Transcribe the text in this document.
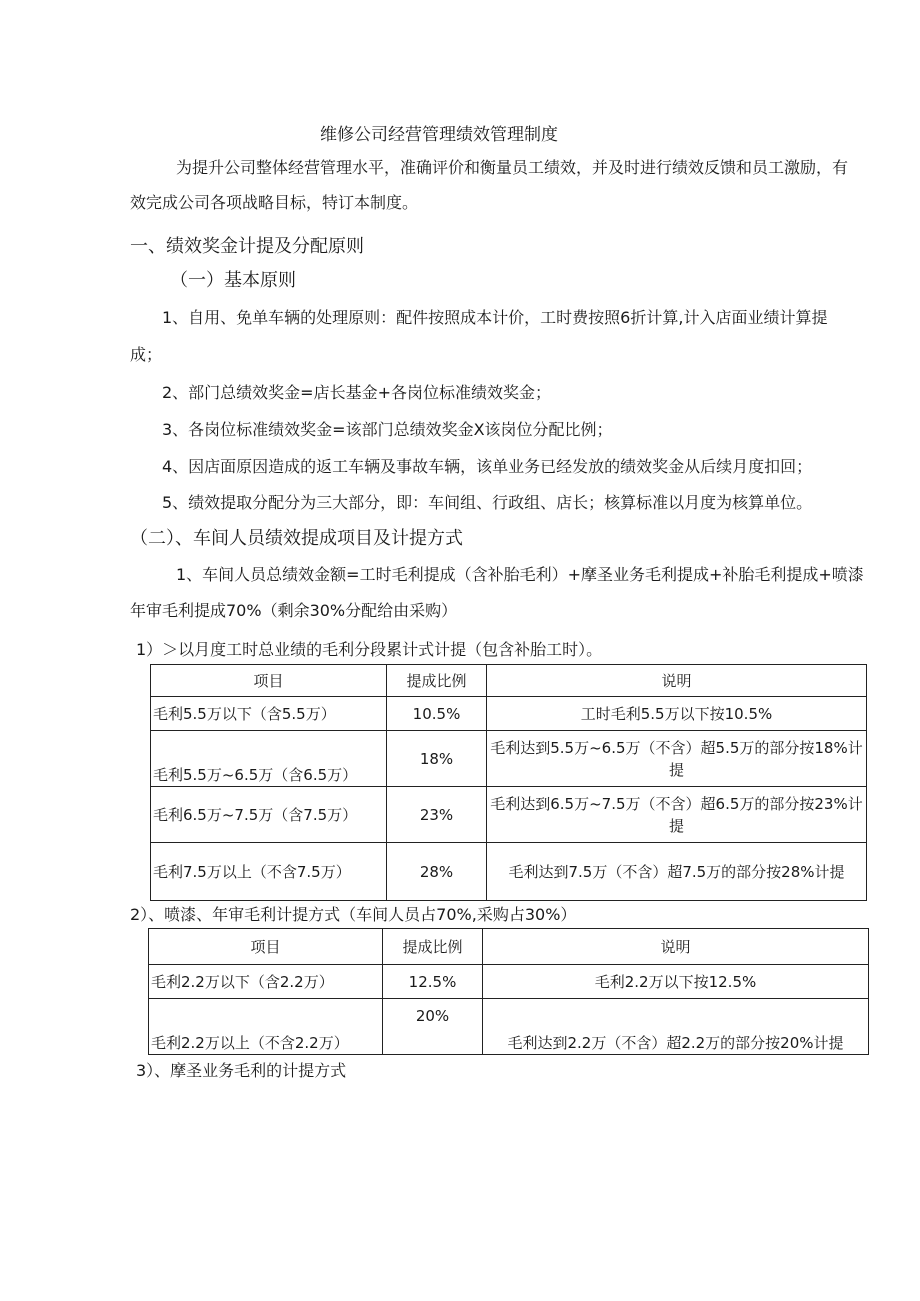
维修公司经营管理绩效管理制度
为提升公司整体经营管理水平，准确评价和衡量员工绩效，并及时进行绩效反馈和员工激励，有
效完成公司各项战略目标，特订本制度。
一、绩效奖金计提及分配原则
（一）基本原则
1、自用、免单车辆的处理原则：配件按照成本计价，工时费按照6折计算,计入店面业绩计算提
成；
2、部门总绩效奖金=店长基金+各岗位标准绩效奖金；
3、各岗位标准绩效奖金=该部门总绩效奖金X该岗位分配比例；
4、因店面原因造成的返工车辆及事故车辆，该单业务已经发放的绩效奖金从后续月度扣回；
5、绩效提取分配分为三大部分，即：车间组、行政组、店长；核算标准以月度为核算单位。
（二）、车间人员绩效提成项目及计提方式
1、车间人员总绩效金额=工时毛利提成（含补胎毛利）+摩圣业务毛利提成+补胎毛利提成+喷漆
年审毛利提成70%（剩余30%分配给由采购）
1）＞以月度工时总业绩的毛利分段累计式计提（包含补胎工时）。
项目	提成比例	说明
毛利5.5万以下（含5.5万）	10.5%	工时毛利5.5万以下按10.5%
毛利5.5万~6.5万（含6.5万）	18%	毛利达到5.5万~6.5万（不含）超5.5万的部分按18%计提
毛利6.5万~7.5万（含7.5万）	23%	毛利达到6.5万~7.5万（不含）超6.5万的部分按23%计提
毛利7.5万以上（不含7.5万）	28%	毛利达到7.5万（不含）超7.5万的部分按28%计提
2）、喷漆、年审毛利计提方式（车间人员占70%,采购占30%）
项目	提成比例	说明
毛利2.2万以下（含2.2万）	12.5%	毛利2.2万以下按12.5%
毛利2.2万以上（不含2.2万）	20%	毛利达到2.2万（不含）超2.2万的部分按20%计提
3）、摩圣业务毛利的计提方式
